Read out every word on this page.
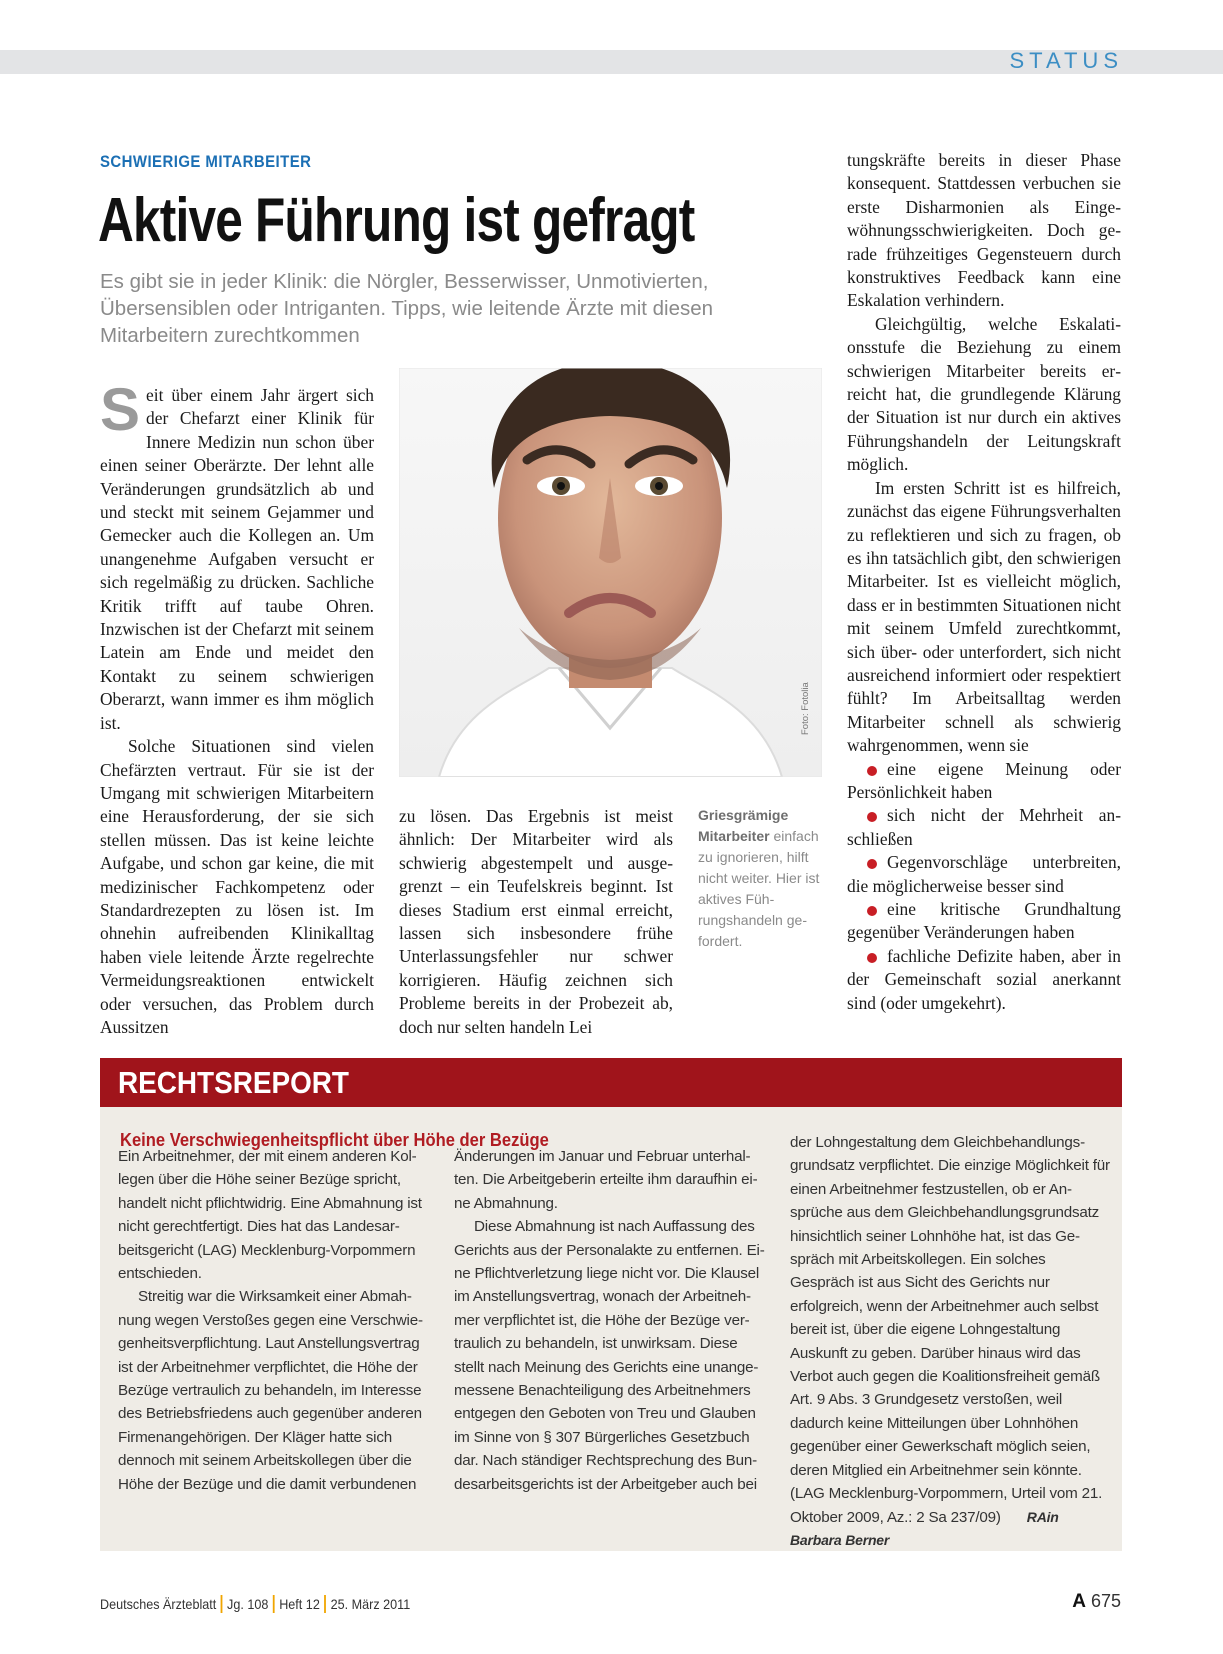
STATUS
SCHWIERIGE MITARBEITER
Aktive Führung ist gefragt
Es gibt sie in jeder Klinik: die Nörgler, Besserwisser, Unmotivierten, Übersensiblen oder Intriganten. Tipps, wie leitende Ärzte mit diesen Mitarbeitern zurechtkommen

Seit über einem Jahr ärgert sich der Chefarzt einer Klinik für Innere Medizin nun schon über einen seiner Oberärzte. Der lehnt alle Veränderungen grundsätzlich ab und und steckt mit seinem Gejammer und Gemecker auch die Kollegen an. Um unangenehme Aufgaben versucht er sich regelmäßig zu drücken. Sachliche Kritik trifft auf taube Ohren. Inzwischen ist der Chefarzt mit seinem Latein am Ende und meidet den Kontakt zu seinem schwierigen Oberarzt, wann immer es ihm möglich ist.

Solche Situationen sind vielen Chefärzten vertraut. Für sie ist der Umgang mit schwierigen Mitarbeitern eine Herausforderung, der sie sich stellen müssen. Das ist keine leichte Aufgabe, und schon gar keine, die mit medizinischer Fachkompetenz oder Standardrezepten zu lösen ist. Im ohnehin aufreibenden Klinikalltag haben viele leitende Ärzte regelrechte Vermeidungsreaktionen entwickelt oder versuchen, das Problem durch Aussitzen

Foto: Fotolia

zu lösen. Das Ergebnis ist meist ähnlich: Der Mitarbeiter wird als schwierig abgestempelt und ausgegrenzt – ein Teufelskreis beginnt. Ist dieses Stadium erst einmal erreicht, lassen sich insbesondere frühe Unterlassungsfehler nur schwer korrigieren. Häufig zeichnen sich Probleme bereits in der Probezeit ab, doch nur selten handeln Lei

Griesgrämige Mitarbeiter einfach zu ignorieren, hilft nicht weiter. Hier ist aktives Führungshandeln gefordert.

tungskräfte bereits in dieser Phase konsequent. Stattdessen verbuchen sie erste Disharmonien als Eingewöhnungsschwierigkeiten. Doch gerade frühzeitiges Gegensteuern durch konstruktives Feedback kann eine Eskalation verhindern.

Gleichgültig, welche Eskalationsstufe die Beziehung zu einem schwierigen Mitarbeiter bereits erreicht hat, die grundlegende Klärung der Situation ist nur durch ein aktives Führungshandeln der Leitungskraft möglich.

Im ersten Schritt ist es hilfreich, zunächst das eigene Führungsverhalten zu reflektieren und sich zu fragen, ob es ihn tatsächlich gibt, den schwierigen Mitarbeiter. Ist es vielleicht möglich, dass er in bestimmten Situationen nicht mit seinem Umfeld zurechtkommt, sich über- oder unterfordert, sich nicht ausreichend informiert oder respektiert fühlt? Im Arbeitsalltag werden Mitarbeiter schnell als schwierig wahrgenommen, wenn sie

eine eigene Meinung oder Persönlichkeit haben
sich nicht der Mehrheit anschließen
Gegenvorschläge unterbreiten, die möglicherweise besser sind
eine kritische Grundhaltung gegenüber Veränderungen haben
fachliche Defizite haben, aber in der Gemeinschaft sozial anerkannt sind (oder umgekehrt).
RECHTSREPORT
Keine Verschwiegenheitspflicht über Höhe der Bezüge

Ein Arbeitnehmer, der mit einem anderen Kollegen über die Höhe seiner Bezüge spricht, handelt nicht pflichtwidrig. Eine Abmahnung ist nicht gerechtfertigt. Dies hat das Landesarbeitsgericht (LAG) Mecklenburg-Vorpommern entschieden.

Streitig war die Wirksamkeit einer Abmahnung wegen Verstoßes gegen eine Verschwiegenheitsverpflichtung. Laut Anstellungsvertrag ist der Arbeitnehmer verpflichtet, die Höhe der Bezüge vertraulich zu behandeln, im Interesse des Betriebsfriedens auch gegenüber anderen Firmenangehörigen. Der Kläger hatte sich dennoch mit seinem Arbeitskollegen über die Höhe der Bezüge und die damit verbundenen

Änderungen im Januar und Februar unterhalten. Die Arbeitgeberin erteilte ihm daraufhin eine Abmahnung.

Diese Abmahnung ist nach Auffassung des Gerichts aus der Personalakte zu entfernen. Eine Pflichtverletzung liege nicht vor. Die Klausel im Anstellungsvertrag, wonach der Arbeitnehmer verpflichtet ist, die Höhe der Bezüge vertraulich zu behandeln, ist unwirksam. Diese stellt nach Meinung des Gerichts eine unangemessene Benachteiligung des Arbeitnehmers entgegen den Geboten von Treu und Glauben im Sinne von § 307 Bürgerliches Gesetzbuch dar. Nach ständiger Rechtsprechung des Bundesarbeitsgerichts ist der Arbeitgeber auch bei

der Lohngestaltung dem Gleichbehandlungsgrundsatz verpflichtet. Die einzige Möglichkeit für einen Arbeitnehmer festzustellen, ob er Ansprüche aus dem Gleichbehandlungsgrundsatz hinsichtlich seiner Lohnhöhe hat, ist das Gespräch mit Arbeitskollegen. Ein solches Gespräch ist aus Sicht des Gerichts nur erfolgreich, wenn der Arbeitnehmer auch selbst bereit ist, über die eigene Lohngestaltung Auskunft zu geben. Darüber hinaus wird das Verbot auch gegen die Koalitionsfreiheit gemäß Art. 9 Abs. 3 Grundgesetz verstoßen, weil dadurch keine Mitteilungen über Lohnhöhen gegenüber einer Gewerkschaft möglich seien, deren Mitglied ein Arbeitnehmer sein könnte. (LAG Mecklenburg-Vorpommern, Urteil vom 21. Oktober 2009, Az.: 2 Sa 237/09) RAin Barbara Berner

Deutsches Ärzteblatt Jg. 108 Heft 12 25. März 2011	A 675
